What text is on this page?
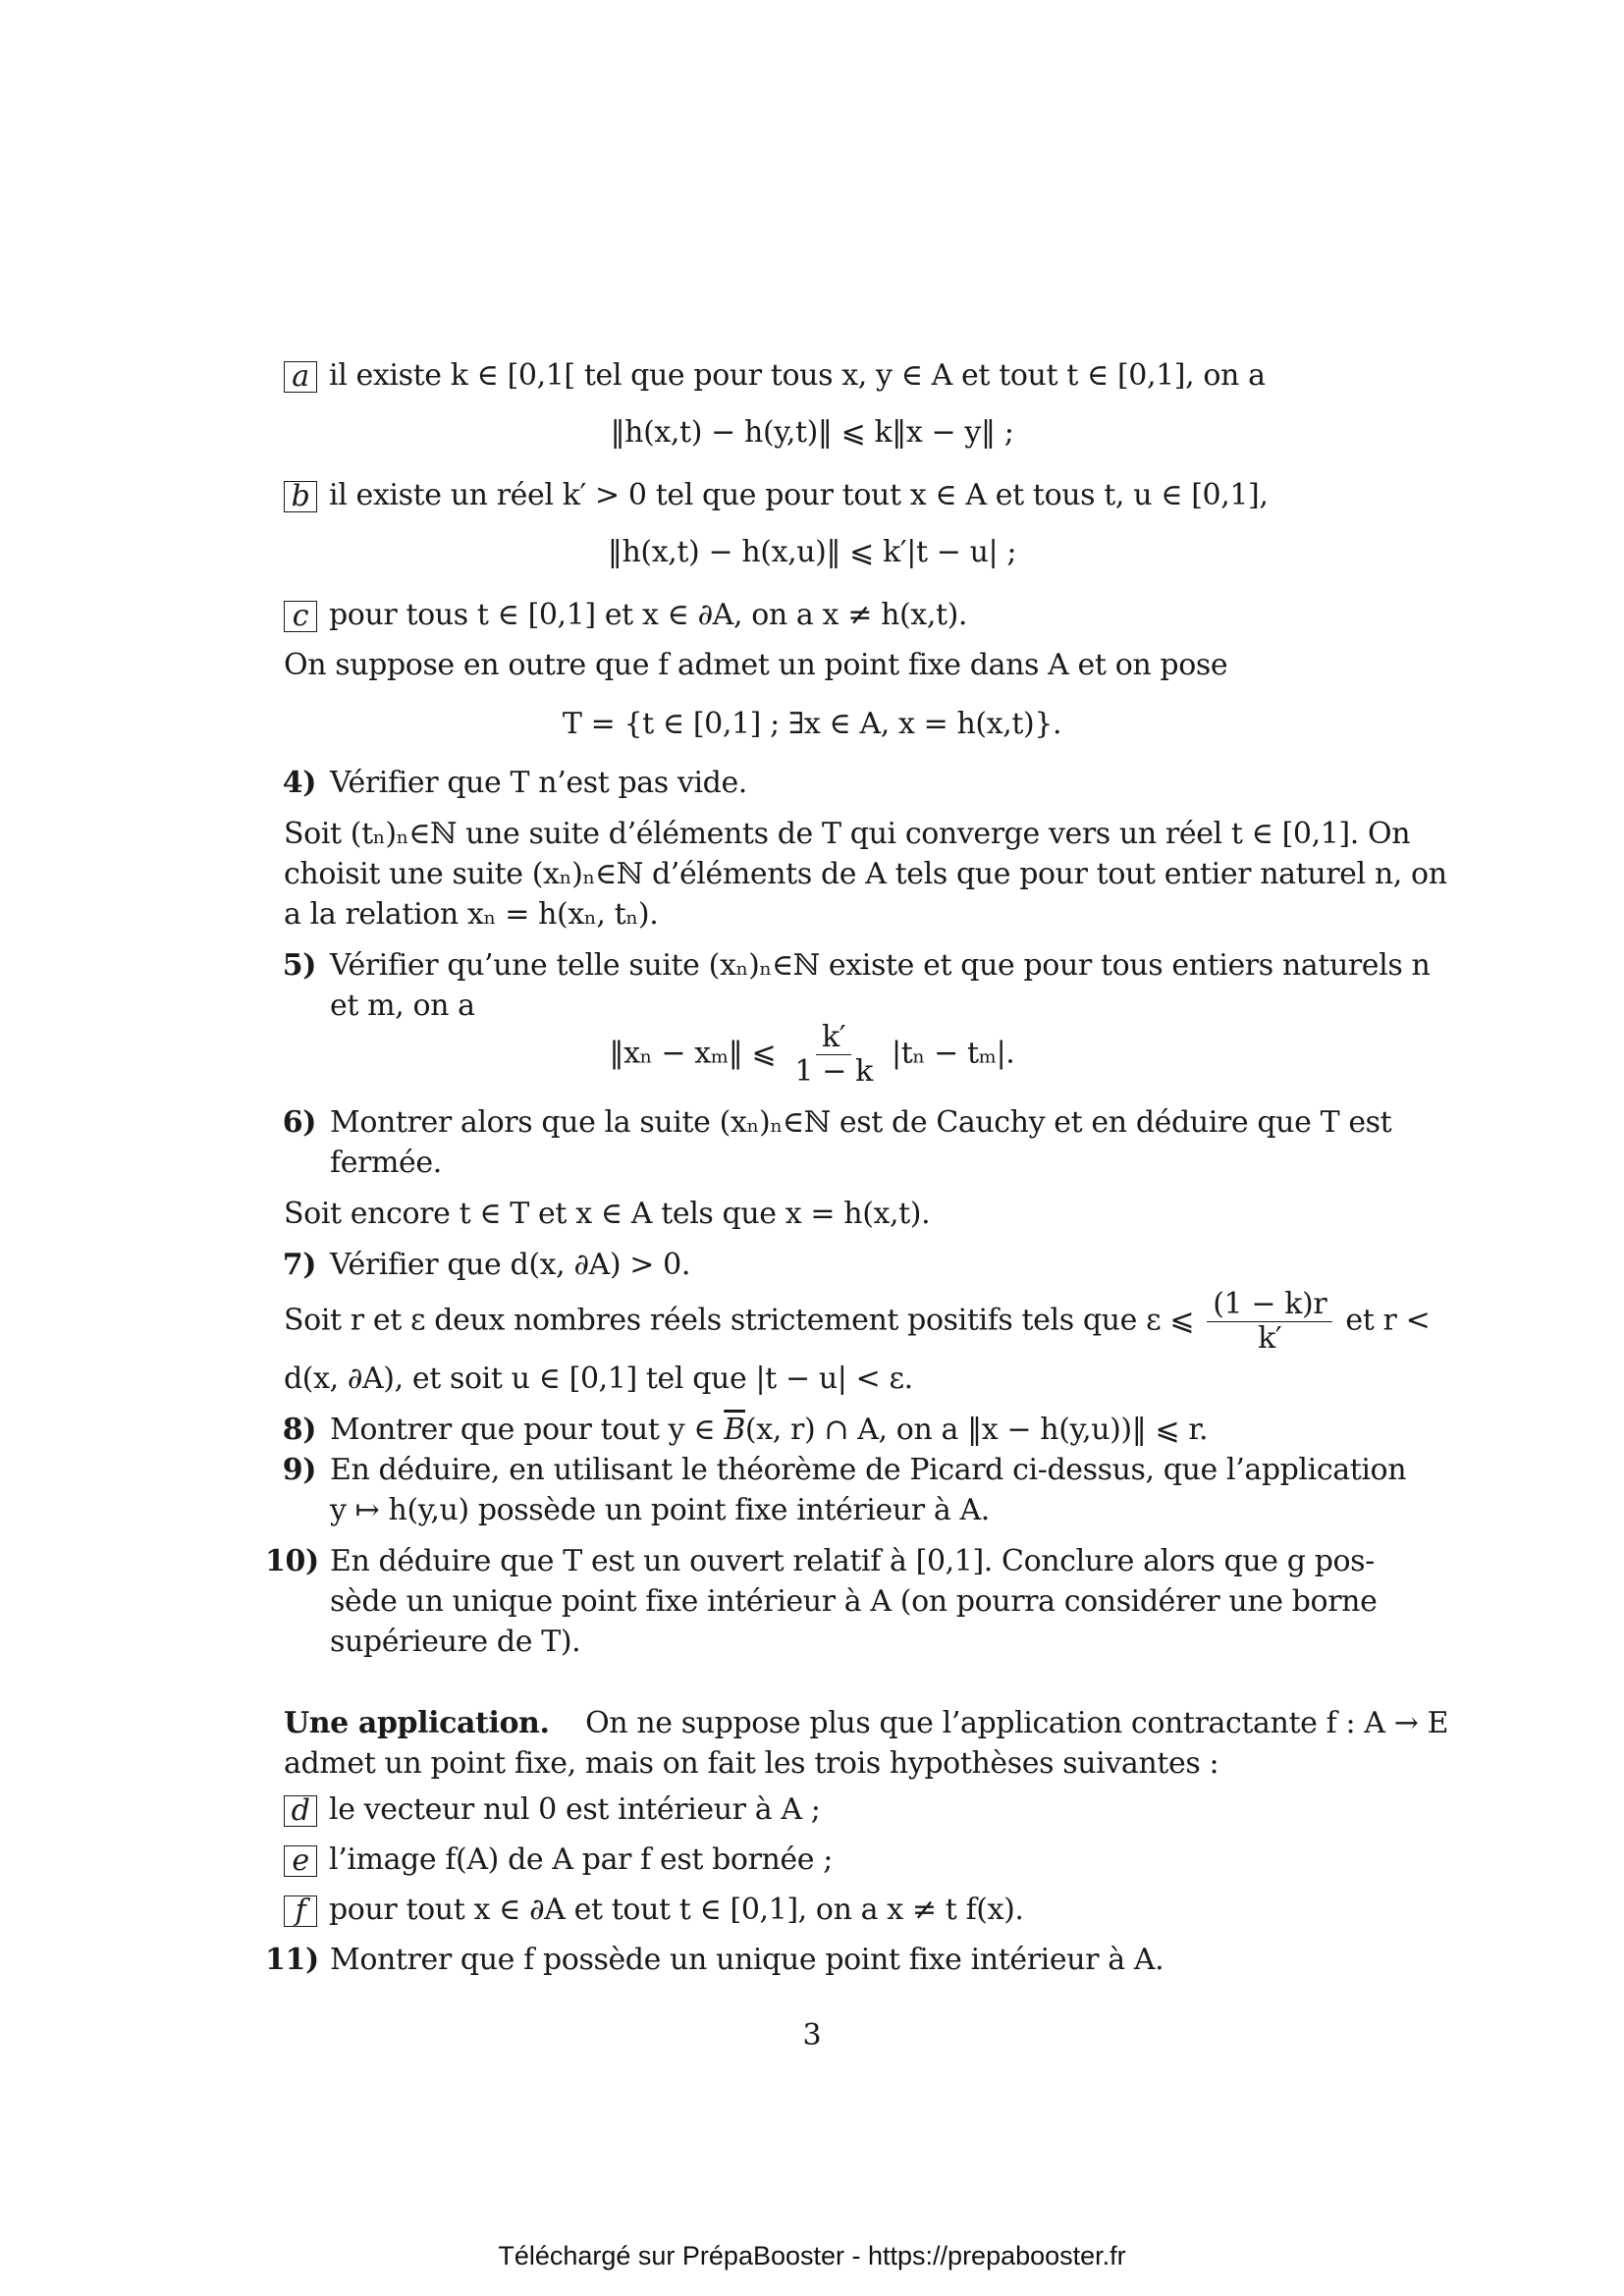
a il existe k ∈ [0,1[ tel que pour tous x, y ∈ A et tout t ∈ [0,1], on a
‖h(x,t) − h(y,t)‖ ⩽ k‖x − y‖ ;
b il existe un réel k′ > 0 tel que pour tout x ∈ A et tous t, u ∈ [0,1],
‖h(x,t) − h(x,u)‖ ⩽ k′|t − u| ;
c pour tous t ∈ [0,1] et x ∈ ∂A, on a x ≠ h(x,t).
On suppose en outre que f admet un point fixe dans A et on pose
T = {t ∈ [0,1] ; ∃x ∈ A, x = h(x,t)}.
4) Vérifier que T n’est pas vide.
Soit (tₙ)ₙ∈ℕ une suite d’éléments de T qui converge vers un réel t ∈ [0,1]. On
choisit une suite (xₙ)ₙ∈ℕ d’éléments de A tels que pour tout entier naturel n, on
a la relation xₙ = h(xₙ, tₙ).
5) Vérifier qu’une telle suite (xₙ)ₙ∈ℕ existe et que pour tous entiers naturels n
et m, on a
‖xₙ − xₘ‖ ⩽ $\frac{k'}{1 - k} |t_n - t_m|$.
6) Montrer alors que la suite (xₙ)ₙ∈ℕ est de Cauchy et en déduire que T est
fermée.
Soit encore t ∈ T et x ∈ A tels que x = h(x,t).
7) Vérifier que d(x, ∂A) > 0.
Soit r et ε deux nombres réels strictement positifs tels que ε ⩽ $\frac{(1 - k)r}{k'}$ et r <
d(x, ∂A), et soit u ∈ [0,1] tel que |t − u| < ε.
8) Montrer que pour tout y ∈ $\overline{B}(x$, r) ∩ A, on a ‖x − h(y,u))‖ ⩽ r.
9) En déduire, en utilisant le théorème de Picard ci-dessus, que l’application
y ↦ h(y,u) possède un point fixe intérieur à A.
10) En déduire que T est un ouvert relatif à [0,1]. Conclure alors que g pos-
sède un unique point fixe intérieur à A (on pourra considérer une borne
supérieure de T).
Une application. On ne suppose plus que l’application contractante f : A → E
admet un point fixe, mais on fait les trois hypothèses suivantes :
d le vecteur nul 0 est intérieur à A ;
e l’image f(A) de A par f est bornée ;
f pour tout x ∈ ∂A et tout t ∈ [0,1], on a x ≠ t f(x).
11) Montrer que f possède un unique point fixe intérieur à A.
3
Téléchargé sur PrépaBooster - https://prepabooster.fr
